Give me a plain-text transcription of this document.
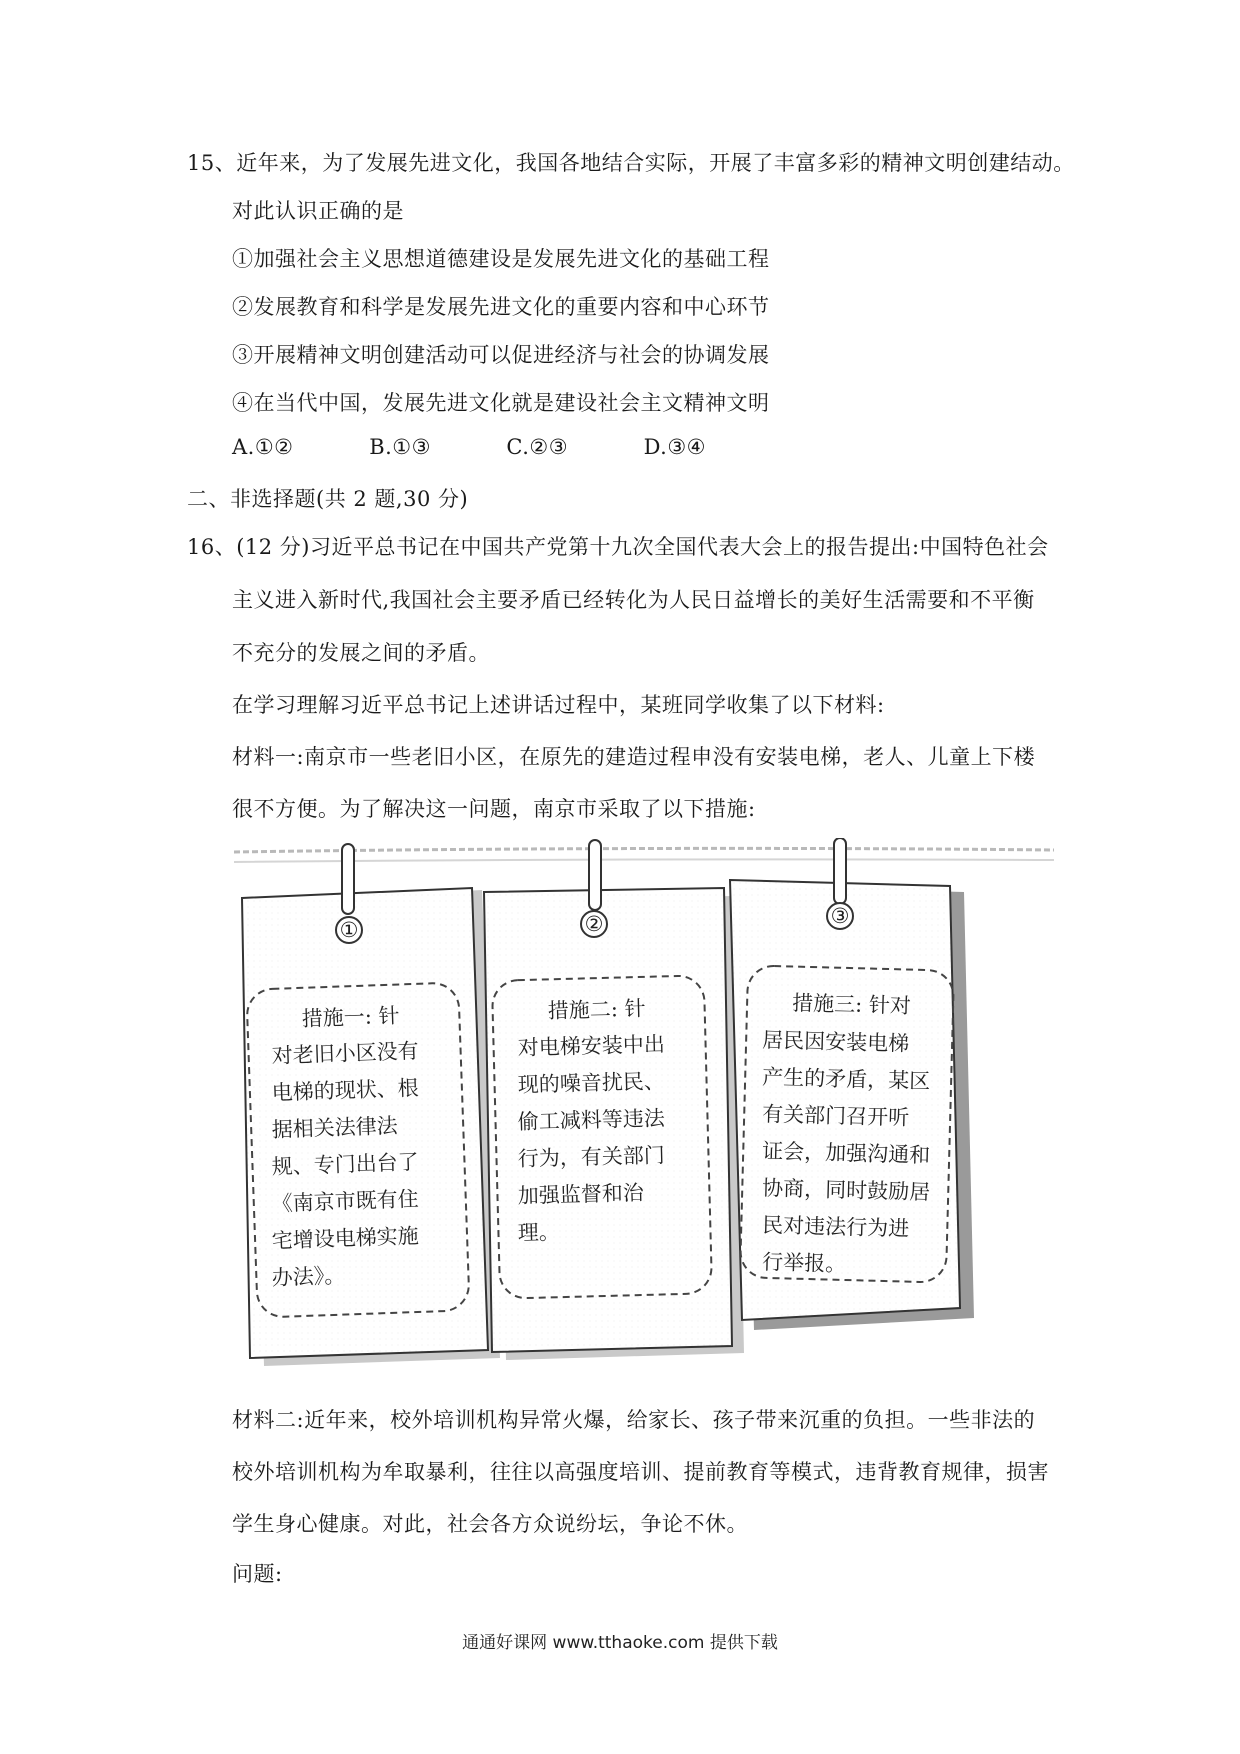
15、近年来，为了发展先进文化，我国各地结合实际，开展了丰富多彩的精神文明创建结动。
对此认识正确的是
①加强社会主义思想道德建设是发展先进文化的基础工程
②发展教育和科学是发展先进文化的重要内容和中心环节
③开展精神文明创建活动可以促进经济与社会的协调发展
④在当代中国，发展先进文化就是建设社会主文精神文明
A.①②	B.①③	C.②③	D.③④
二、非选择题(共 2 题,30 分)
16、(12 分)习近平总书记在中国共产党第十九次全国代表大会上的报告提出:中国特色社会
主义进入新时代,我国社会主要矛盾已经转化为人民日益增长的美好生活需要和不平衡
不充分的发展之间的矛盾。
在学习理解习近平总书记上述讲话过程中，某班同学收集了以下材料:
材料一:南京市一些老旧小区，在原先的建造过程申没有安装电梯，老人、儿童上下楼
很不方便。为了解决这一问题，南京市采取了以下措施:
①	②	③
措施一: 针
对老旧小区没有
电梯的现状、根
据相关法律法
规、专门出台了
《南京市既有住
宅增设电梯实施
办法》。
措施二: 针
对电梯安装中出
现的噪音扰民、
偷工减料等违法
行为，有关部门
加强监督和治
理。
措施三: 针对
居民因安装电梯
产生的矛盾，某区
有关部门召开听
证会，加强沟通和
协商，同时鼓励居
民对违法行为进
行举报。
材料二:近年来，校外培训机构异常火爆，给家长、孩子带来沉重的负担。一些非法的
校外培训机构为牟取暴利，往往以高强度培训、提前教育等模式，违背教育规律，损害
学生身心健康。对此，社会各方众说纷坛，争论不休。
问题:
通通好课网 www.tthaoke.com 提供下载
